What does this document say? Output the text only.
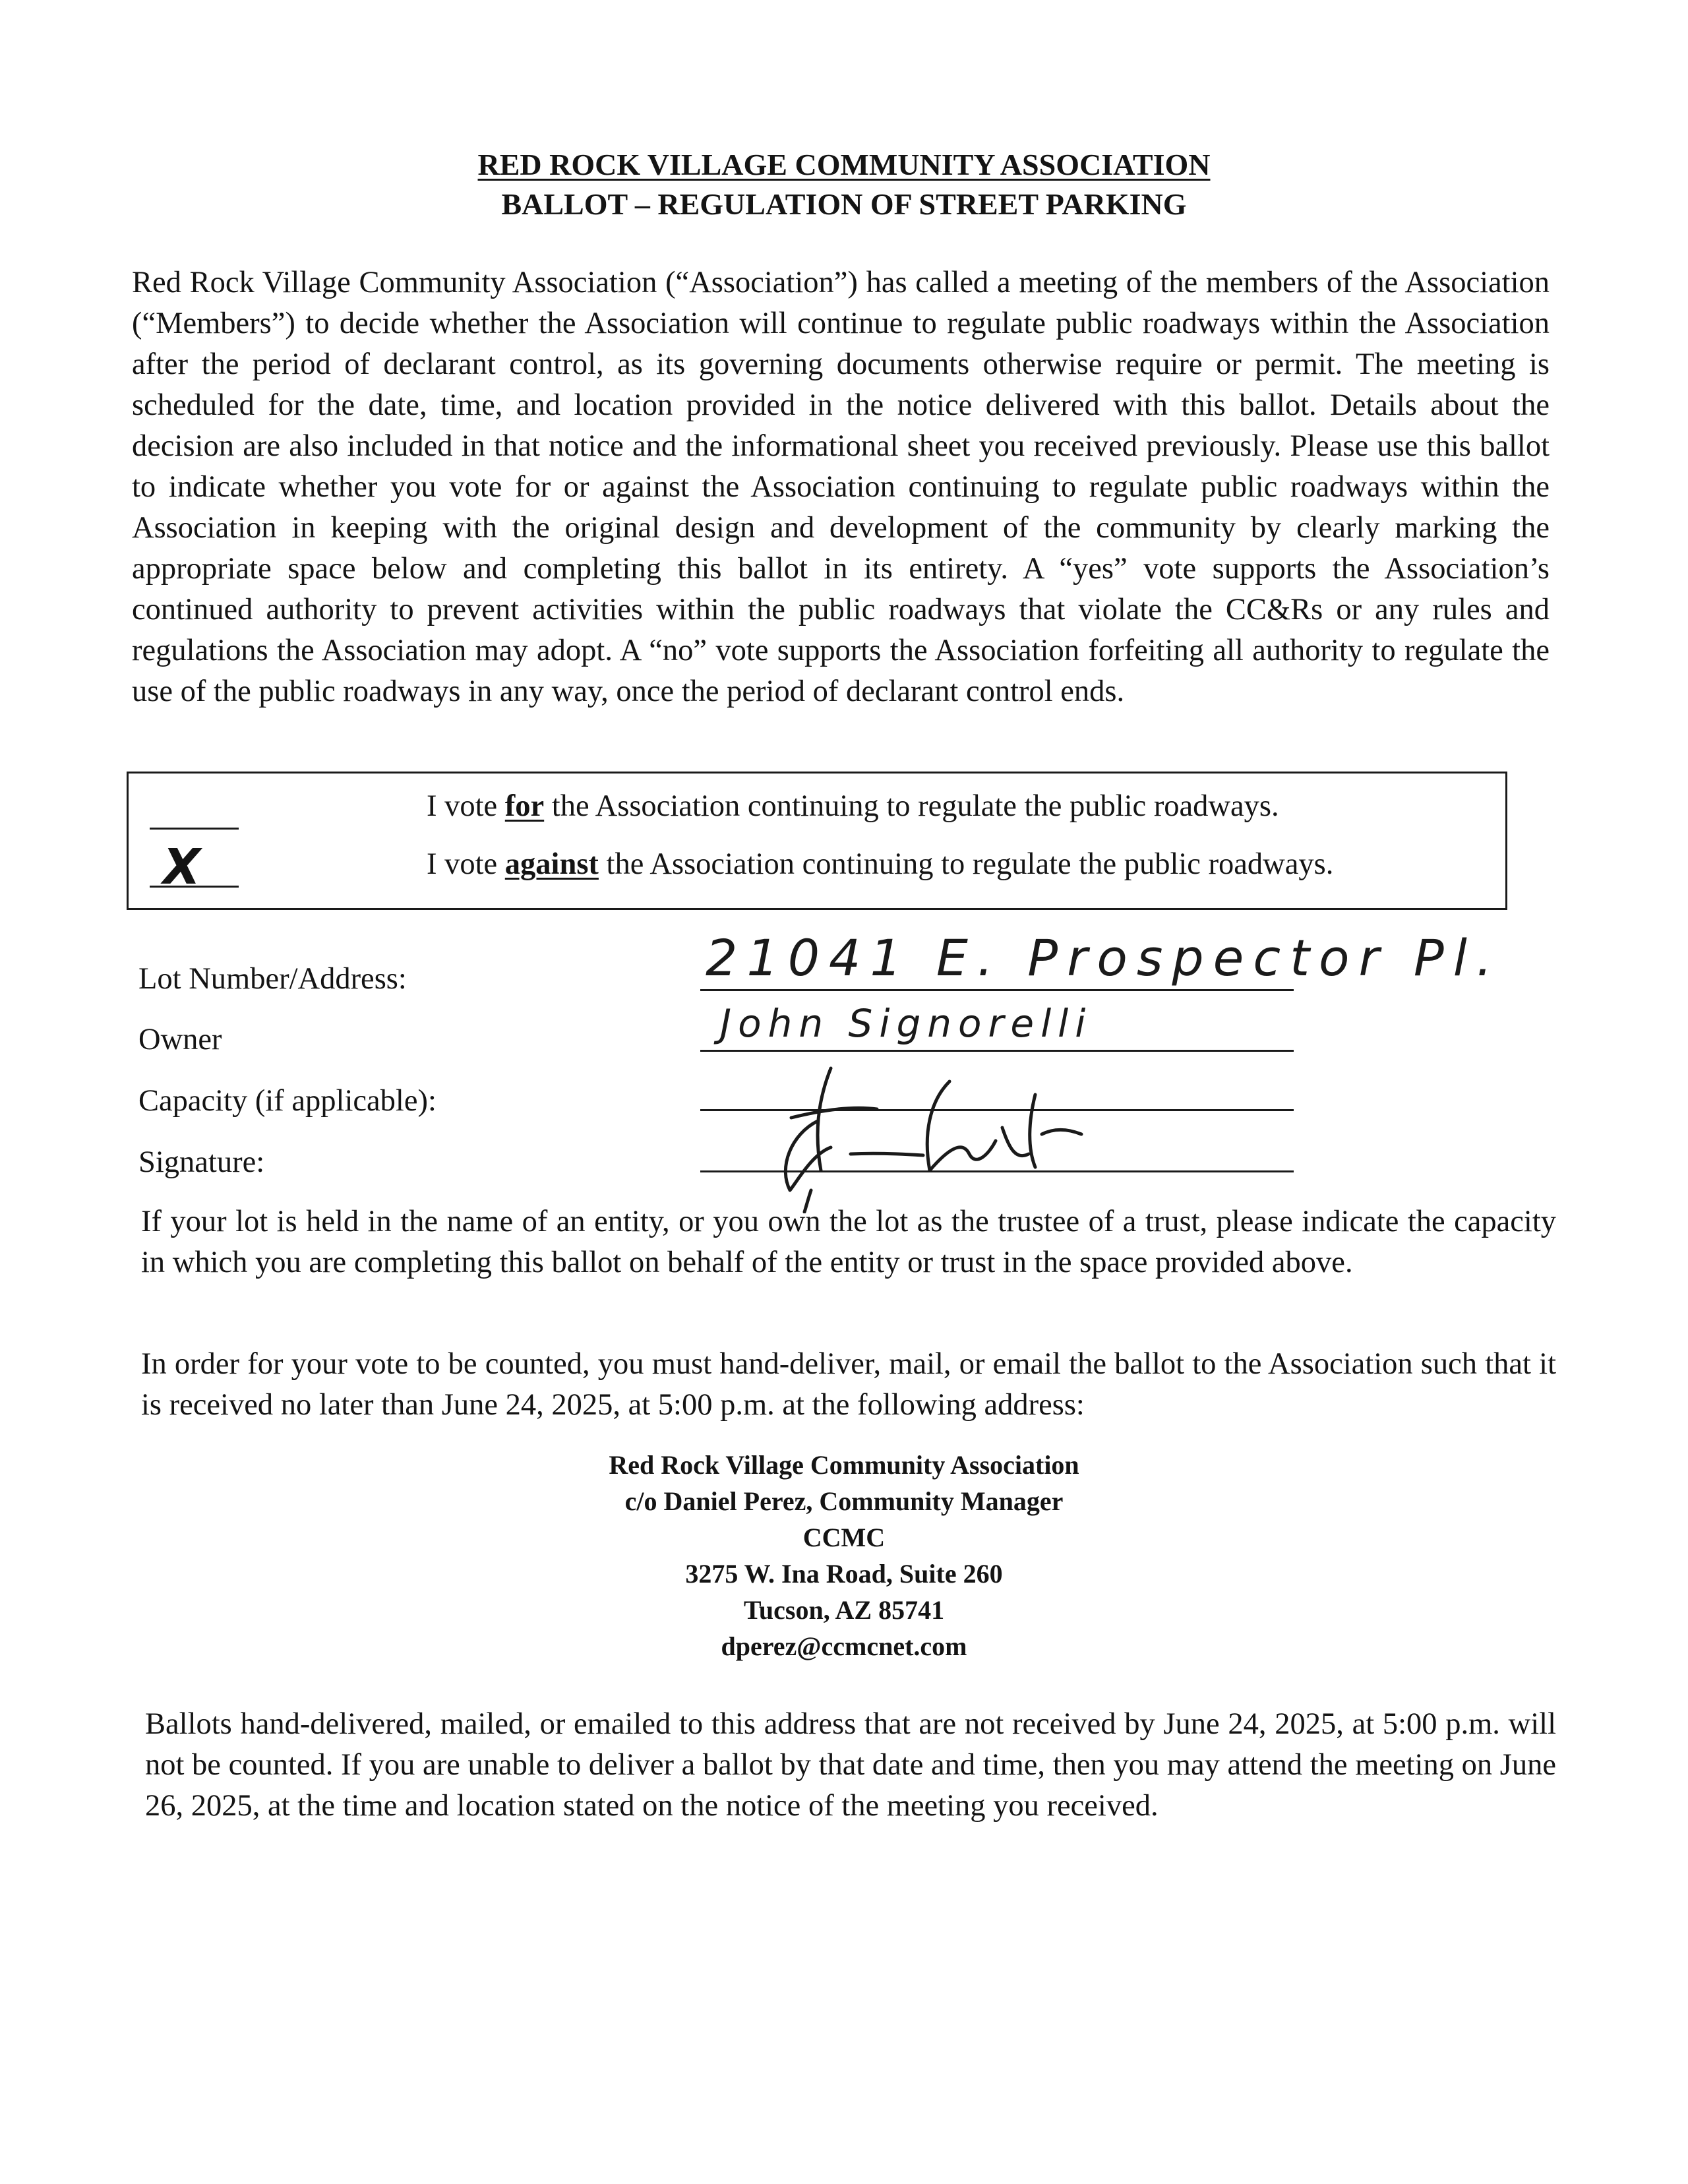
RED ROCK VILLAGE COMMUNITY ASSOCIATION
BALLOT – REGULATION OF STREET PARKING

Red Rock Village Community Association (“Association”) has called a meeting of the members of the Association (“Members”) to decide whether the Association will continue to regulate public roadways within the Association after the period of declarant control, as its governing documents otherwise require or permit. The meeting is scheduled for the date, time, and location provided in the notice delivered with this ballot. Details about the decision are also included in that notice and the informational sheet you received previously. Please use this ballot to indicate whether you vote for or against the Association continuing to regulate public roadways within the Association in keeping with the original design and development of the community by clearly marking the appropriate space below and completing this ballot in its entirety. A “yes” vote supports the Association’s continued authority to prevent activities within the public roadways that violate the CC&Rs or any rules and regulations the Association may adopt. A “no” vote supports the Association forfeiting all authority to regulate the use of the public roadways in any way, once the period of declarant control ends.

I vote for the Association continuing to regulate the public roadways.
X	I vote against the Association continuing to regulate the public roadways.

Lot Number/Address:

Owner

Capacity (if applicable):

Signature:

21041 E. Prospector Pl.
John Signorelli

If your lot is held in the name of an entity, or you own the lot as the trustee of a trust, please indicate the capacity in which you are completing this ballot on behalf of the entity or trust in the space provided above.

In order for your vote to be counted, you must hand-deliver, mail, or email the ballot to the Association such that it is received no later than June 24, 2025, at 5:00 p.m. at the following address:

Red Rock Village Community Association
c/o Daniel Perez, Community Manager
CCMC
3275 W. Ina Road, Suite 260
Tucson, AZ 85741
dperez@ccmcnet.com

Ballots hand-delivered, mailed, or emailed to this address that are not received by June 24, 2025, at 5:00 p.m. will not be counted. If you are unable to deliver a ballot by that date and time, then you may attend the meeting on June 26, 2025, at the time and location stated on the notice of the meeting you received.
